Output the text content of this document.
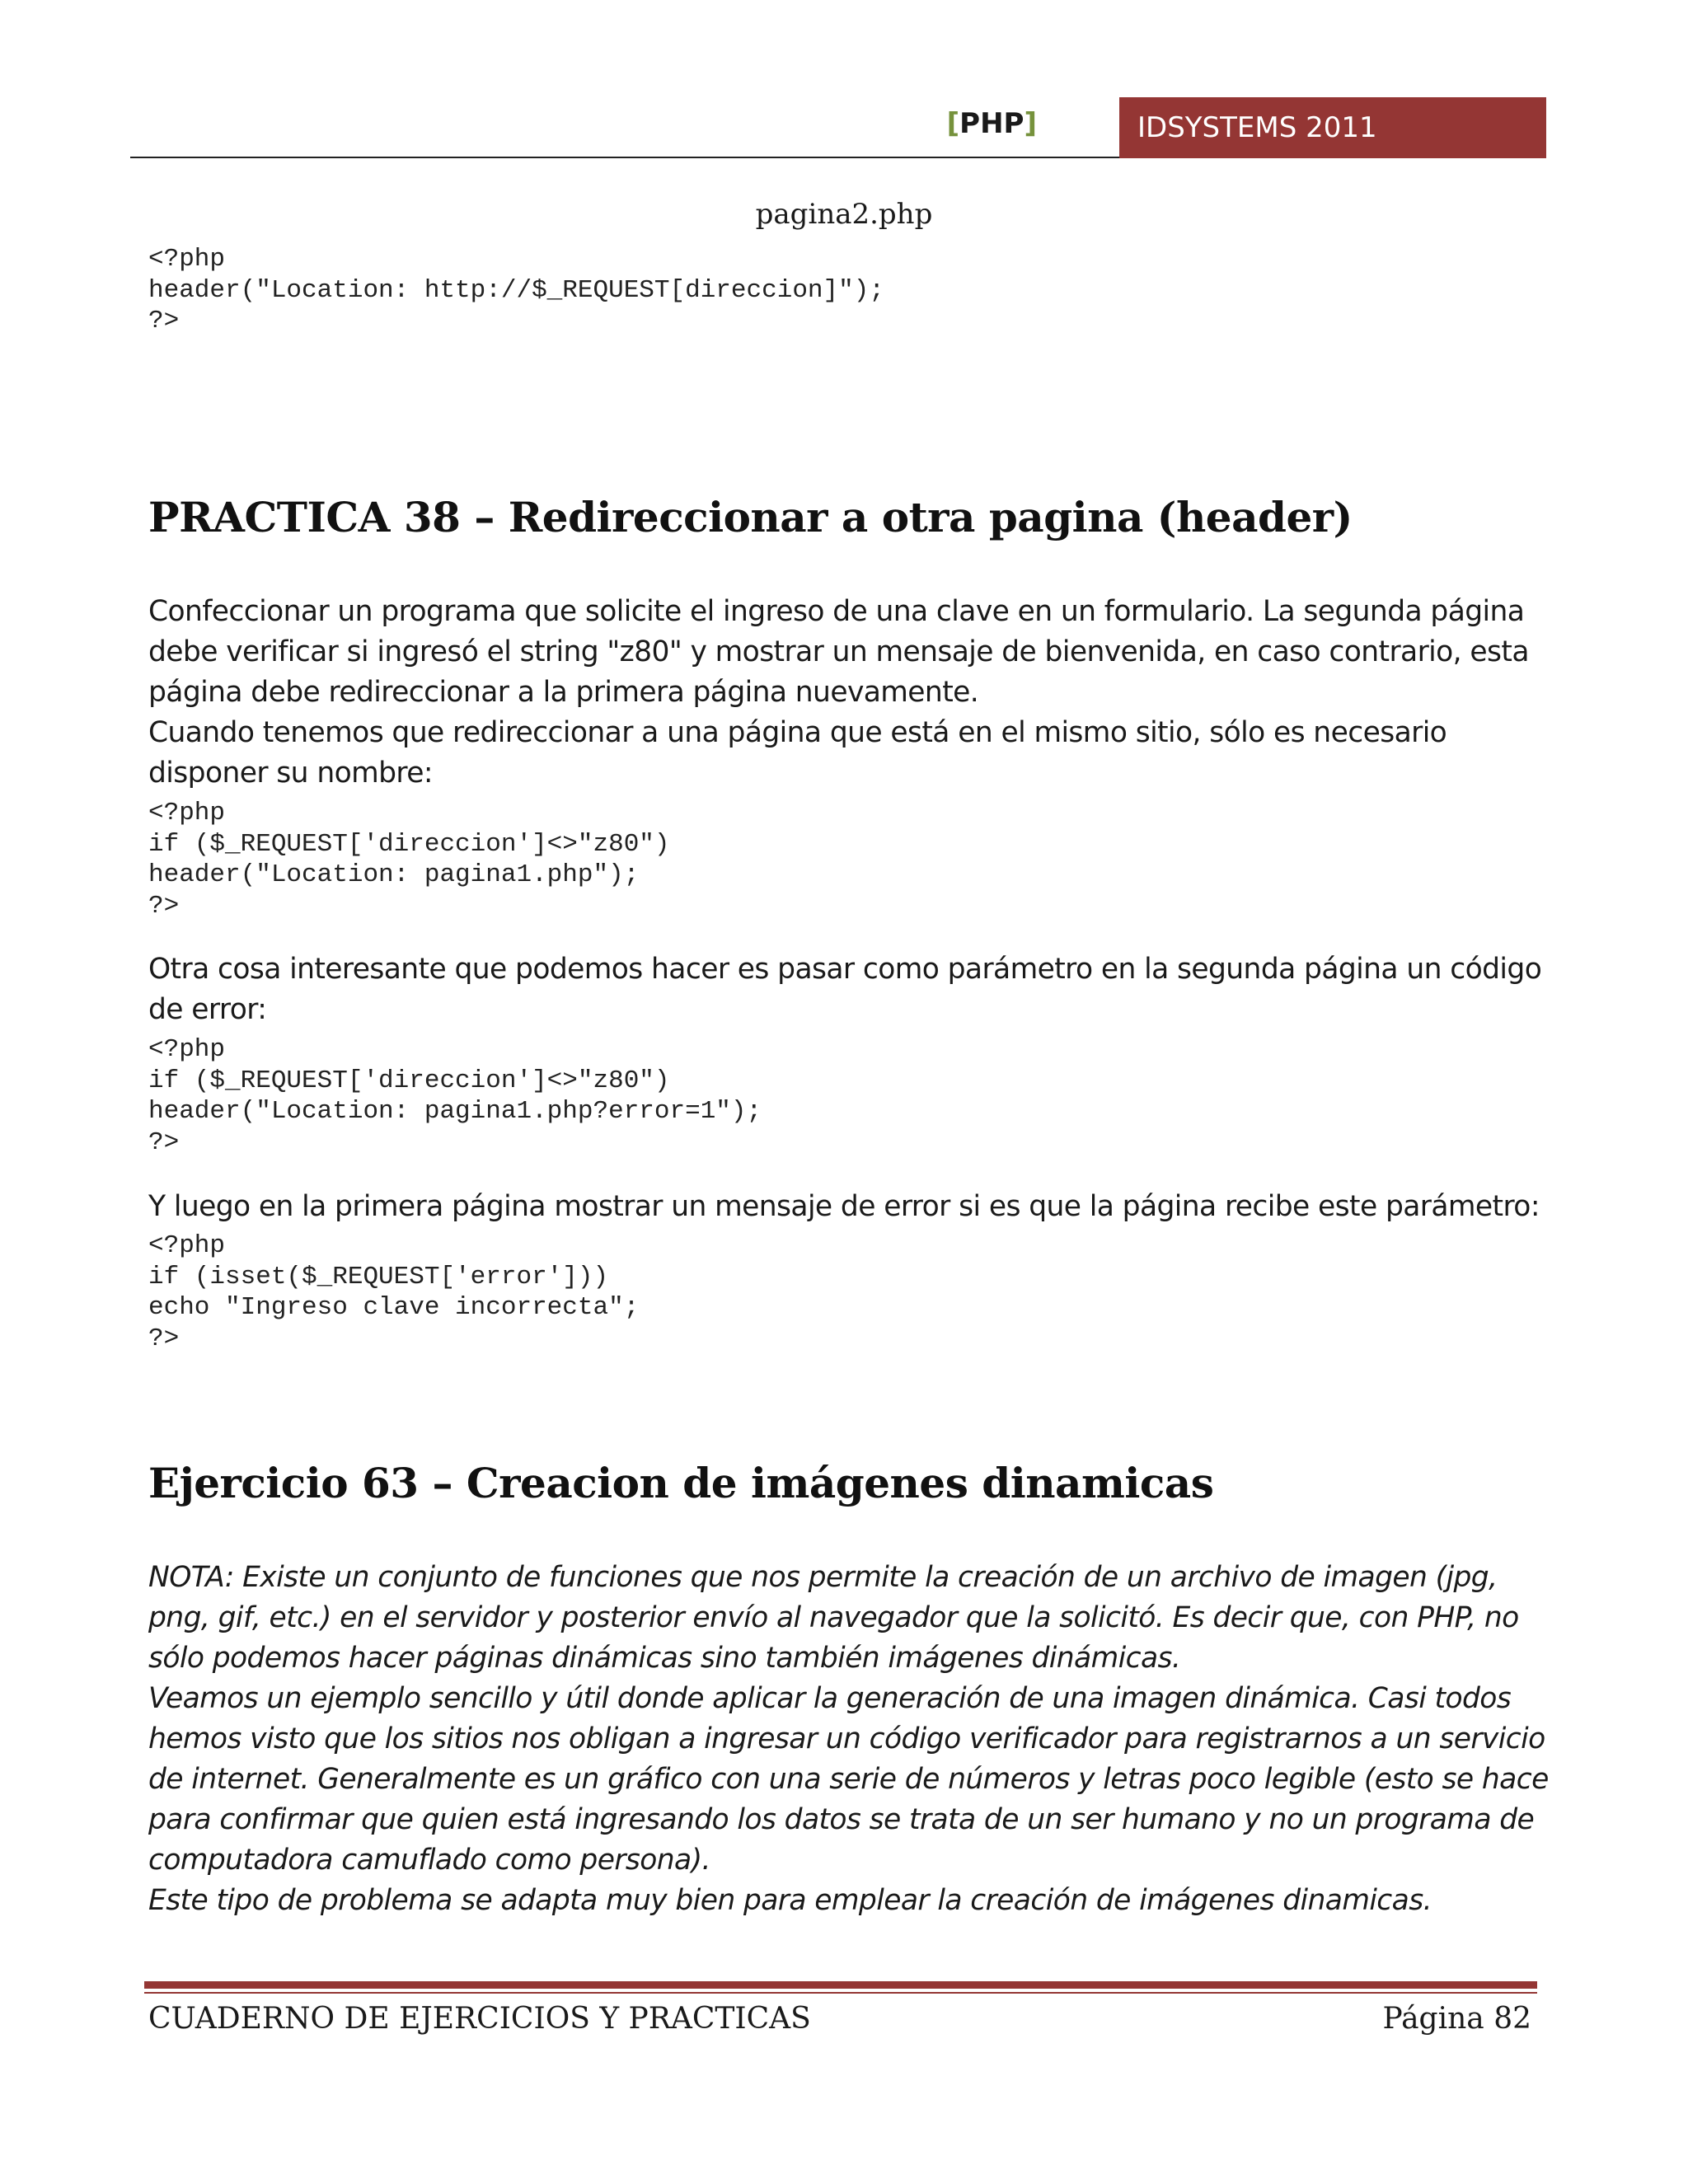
[PHP]	IDSYSTEMS 2011
pagina2.php
<?php
header("Location: http://$_REQUEST[direccion]");
?>
PRACTICA 38 – Redireccionar a otra pagina (header)

Confeccionar un programa que solicite el ingreso de una clave en un formulario. La segunda página debe verificar si ingresó el string "z80" y mostrar un mensaje de bienvenida, en caso contrario, esta página debe redireccionar a la primera página nuevamente.

Cuando tenemos que redireccionar a una página que está en el mismo sitio, sólo es necesario disponer su nombre:

<?php
if ($_REQUEST['direccion']<>"z80")
header("Location: pagina1.php");
?>

Otra cosa interesante que podemos hacer es pasar como parámetro en la segunda página un código de error:

<?php
if ($_REQUEST['direccion']<>"z80")
header("Location: pagina1.php?error=1");
?>

Y luego en la primera página mostrar un mensaje de error si es que la página recibe este parámetro:

<?php
if (isset($_REQUEST['error']))
echo "Ingreso clave incorrecta";
?>
Ejercicio 63 – Creacion de imágenes dinamicas

NOTA: Existe un conjunto de funciones que nos permite la creación de un archivo de imagen (jpg, png, gif, etc.) en el servidor y posterior envío al navegador que la solicitó. Es decir que, con PHP, no sólo podemos hacer páginas dinámicas sino también imágenes dinámicas.

Veamos un ejemplo sencillo y útil donde aplicar la generación de una imagen dinámica. Casi todos hemos visto que los sitios nos obligan a ingresar un código verificador para registrarnos a un servicio de internet. Generalmente es un gráfico con una serie de números y letras poco legible (esto se hace para confirmar que quien está ingresando los datos se trata de un ser humano y no un programa de computadora camuflado como persona).

Este tipo de problema se adapta muy bien para emplear la creación de imágenes dinamicas.

CUADERNO DE EJERCICIOS Y PRACTICAS	Página 82
